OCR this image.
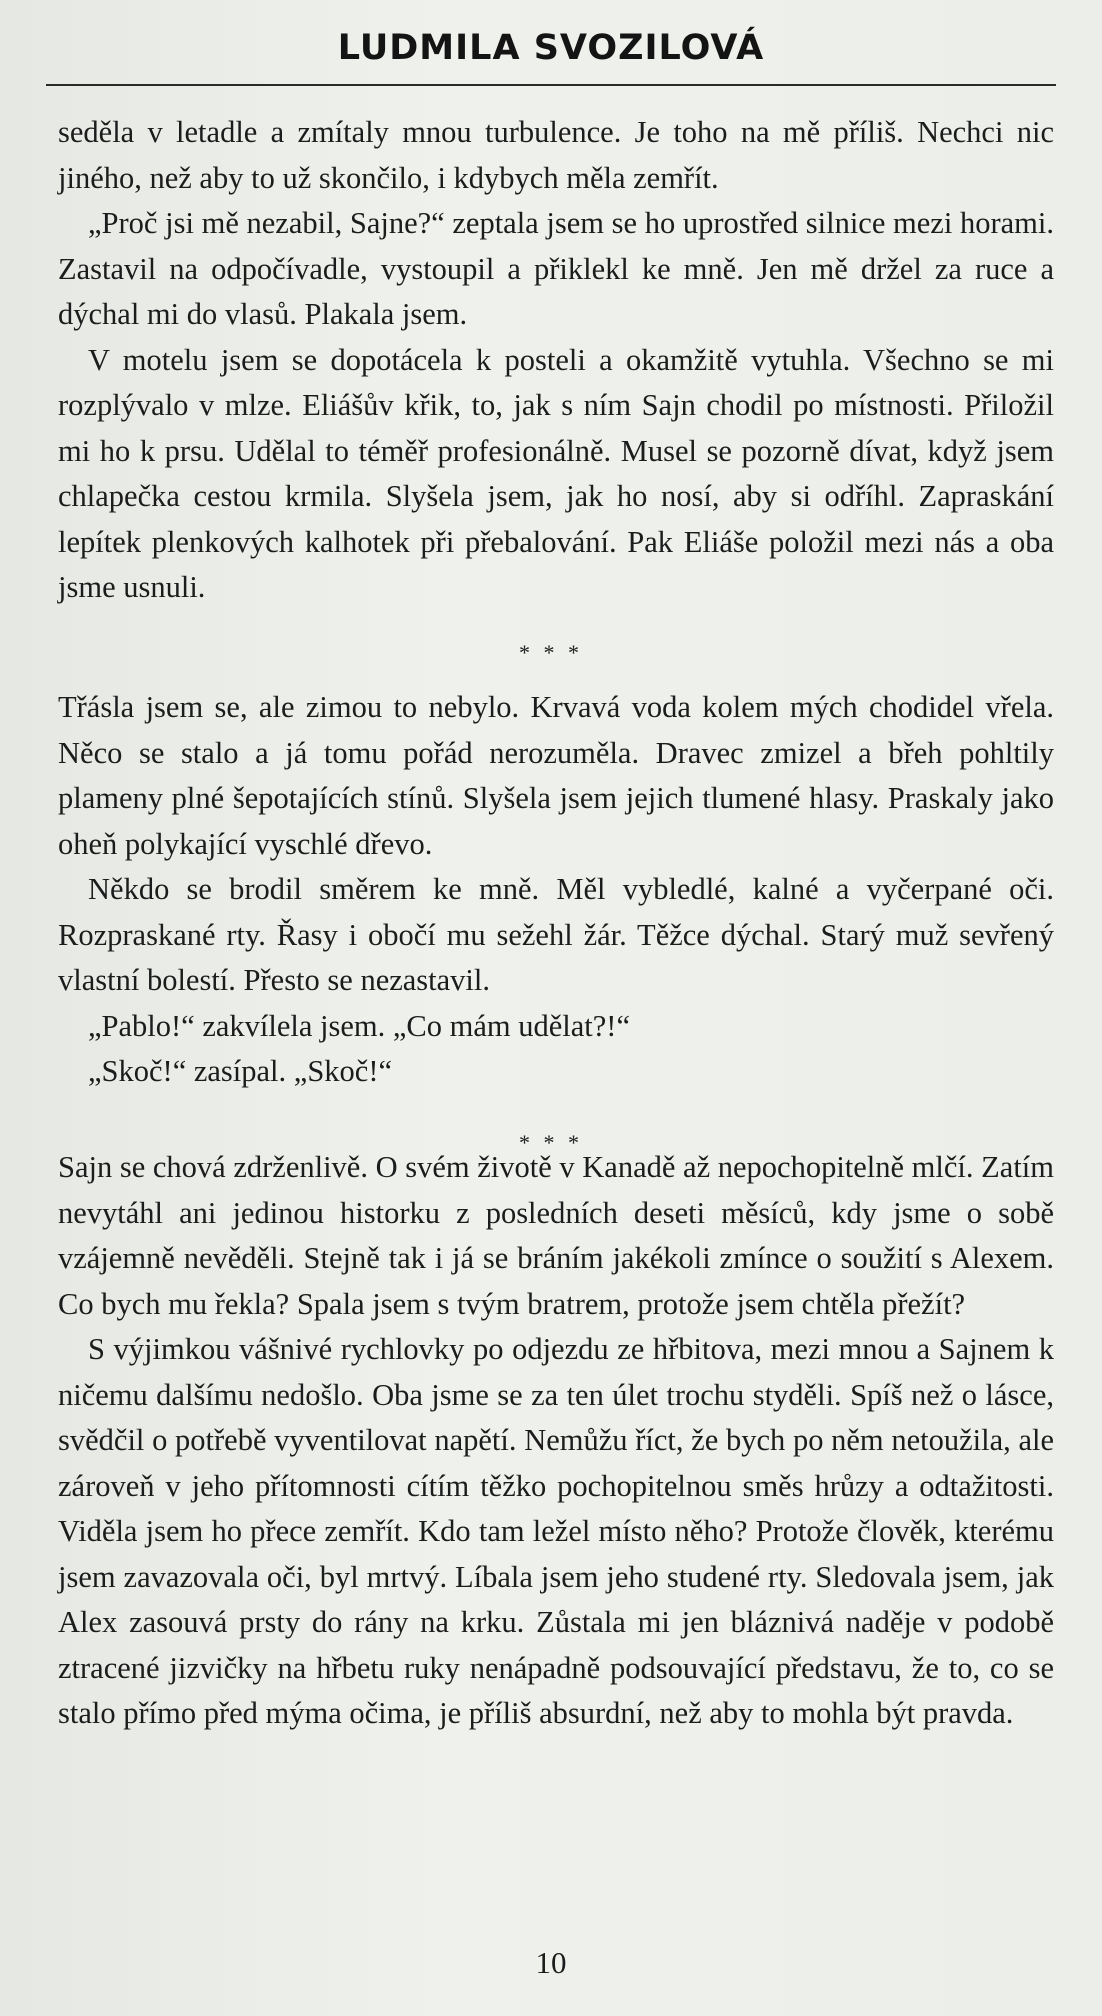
LUDMILA SVOZILOVÁ

seděla v letadle a zmítaly mnou turbulence. Je toho na mě příliš. Nechci nic jiného, než aby to už skončilo, i kdybych měla zemřít.

„Proč jsi mě nezabil, Sajne?“ zeptala jsem se ho uprostřed silnice mezi horami. Zastavil na odpočívadle, vystoupil a přiklekl ke mně. Jen mě držel za ruce a dýchal mi do vlasů. Plakala jsem.

V motelu jsem se dopotácela k posteli a okamžitě vytuhla. Všechno se mi rozplývalo v mlze. Eliášův křik, to, jak s ním Sajn chodil po místnosti. Přiložil mi ho k prsu. Udělal to téměř profesionálně. Musel se pozorně dívat, když jsem chlapečka cestou krmila. Slyšela jsem, jak ho nosí, aby si odříhl. Zapraskání lepítek plenkových kalhotek při přebalování. Pak Eliáše položil mezi nás a oba jsme usnuli.

* * *

Třásla jsem se, ale zimou to nebylo. Krvavá voda kolem mých chodidel vřela. Něco se stalo a já tomu pořád nerozuměla. Dravec zmizel a břeh pohltily plameny plné šepotajících stínů. Slyšela jsem jejich tlumené hlasy. Praskaly jako oheň polykající vyschlé dřevo.

Někdo se brodil směrem ke mně. Měl vybledlé, kalné a vyčerpané oči. Rozpraskané rty. Řasy i obočí mu sežehl žár. Těžce dýchal. Starý muž sevřený vlastní bolestí. Přesto se nezastavil.

„Pablo!“ zakvílela jsem. „Co mám udělat?!“

„Skoč!“ zasípal. „Skoč!“

* * *

Sajn se chová zdrženlivě. O svém životě v Kanadě až nepochopitelně mlčí. Zatím nevytáhl ani jedinou historku z posledních deseti měsíců, kdy jsme o sobě vzájemně nevěděli. Stejně tak i já se bráním jakékoli zmínce o soužití s Alexem. Co bych mu řekla? Spala jsem s tvým bratrem, protože jsem chtěla přežít?

S výjimkou vášnivé rychlovky po odjezdu ze hřbitova, mezi mnou a Sajnem k ničemu dalšímu nedošlo. Oba jsme se za ten úlet trochu styděli. Spíš než o lásce, svědčil o potřebě vyventilovat napětí. Nemůžu říct, že bych po něm netoužila, ale zároveň v jeho přítomnosti cítím těžko pochopitelnou směs hrůzy a odtažitosti. Viděla jsem ho přece zemřít. Kdo tam ležel místo něho? Protože člověk, kterému jsem zavazovala oči, byl mrtvý. Líbala jsem jeho studené rty. Sledovala jsem, jak Alex zasouvá prsty do rány na krku. Zůstala mi jen bláznivá naděje v podobě ztracené jizvičky na hřbetu ruky nenápadně podsouvající představu, že to, co se stalo přímo před mýma očima, je příliš absurdní, než aby to mohla být pravda.

10
